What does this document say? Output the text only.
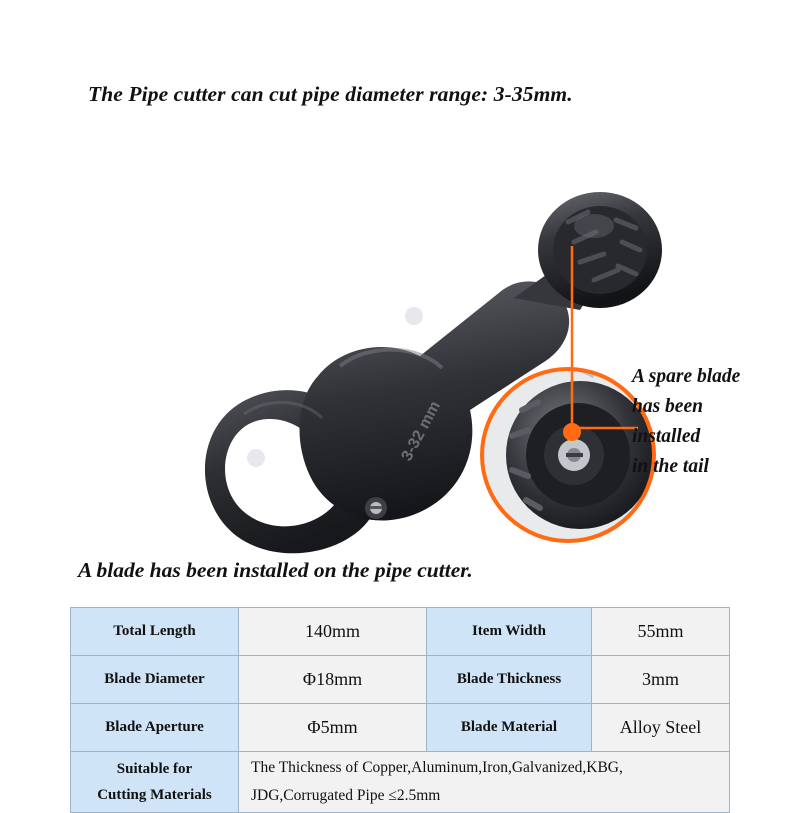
The Pipe cutter can cut pipe diameter range: 3-35mm.
3-32 mm
A spare blade
has been
installed
in the tail
A blade has been installed on the pipe cutter.
Total Length	140mm	Item Width	55mm
Blade Diameter	Φ18mm	Blade Thickness	3mm
Blade Aperture	Φ5mm	Blade Material	Alloy Steel
Suitable for
Cutting Materials	The Thickness of Copper,Aluminum,Iron,Galvanized,KBG,
JDG,Corrugated Pipe ≤2.5mm		
